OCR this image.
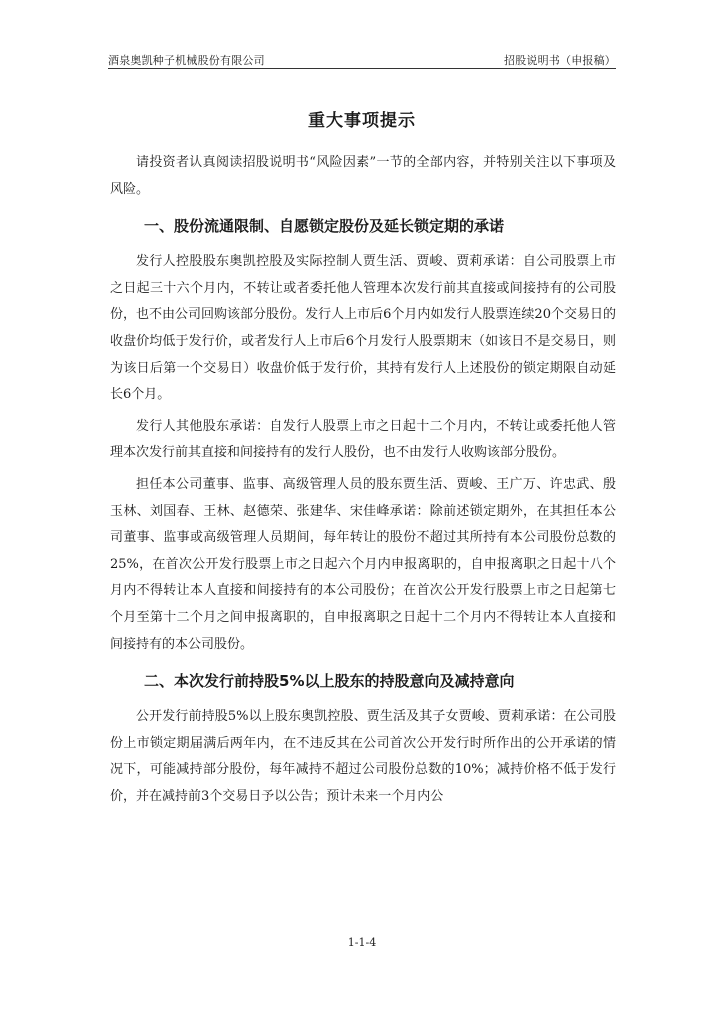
酒泉奥凯种子机械股份有限公司	招股说明书（申报稿）
重大事项提示

请投资者认真阅读招股说明书“风险因素”一节的全部内容，并特别关注以下事项及风险。

一、股份流通限制、自愿锁定股份及延长锁定期的承诺

发行人控股股东奥凯控股及实际控制人贾生活、贾峻、贾莉承诺：自公司股票上市之日起三十六个月内，不转让或者委托他人管理本次发行前其直接或间接持有的公司股份，也不由公司回购该部分股份。发行人上市后6个月内如发行人股票连续20个交易日的收盘价均低于发行价，或者发行人上市后6个月发行人股票期末（如该日不是交易日，则为该日后第一个交易日）收盘价低于发行价，其持有发行人上述股份的锁定期限自动延长6个月。

发行人其他股东承诺：自发行人股票上市之日起十二个月内，不转让或委托他人管理本次发行前其直接和间接持有的发行人股份，也不由发行人收购该部分股份。

担任本公司董事、监事、高级管理人员的股东贾生活、贾峻、王广万、许忠武、殷玉林、刘国春、王林、赵德荣、张建华、宋佳峰承诺：除前述锁定期外，在其担任本公司董事、监事或高级管理人员期间，每年转让的股份不超过其所持有本公司股份总数的25%，在首次公开发行股票上市之日起六个月内申报离职的，自申报离职之日起十八个月内不得转让本人直接和间接持有的本公司股份；在首次公开发行股票上市之日起第七个月至第十二个月之间申报离职的，自申报离职之日起十二个月内不得转让本人直接和间接持有的本公司股份。

二、本次发行前持股5%以上股东的持股意向及减持意向

公开发行前持股5%以上股东奥凯控股、贾生活及其子女贾峻、贾莉承诺：在公司股份上市锁定期届满后两年内，在不违反其在公司首次公开发行时所作出的公开承诺的情况下，可能减持部分股份，每年减持不超过公司股份总数的10%；减持价格不低于发行价，并在减持前3个交易日予以公告；预计未来一个月内公

1-1-4
